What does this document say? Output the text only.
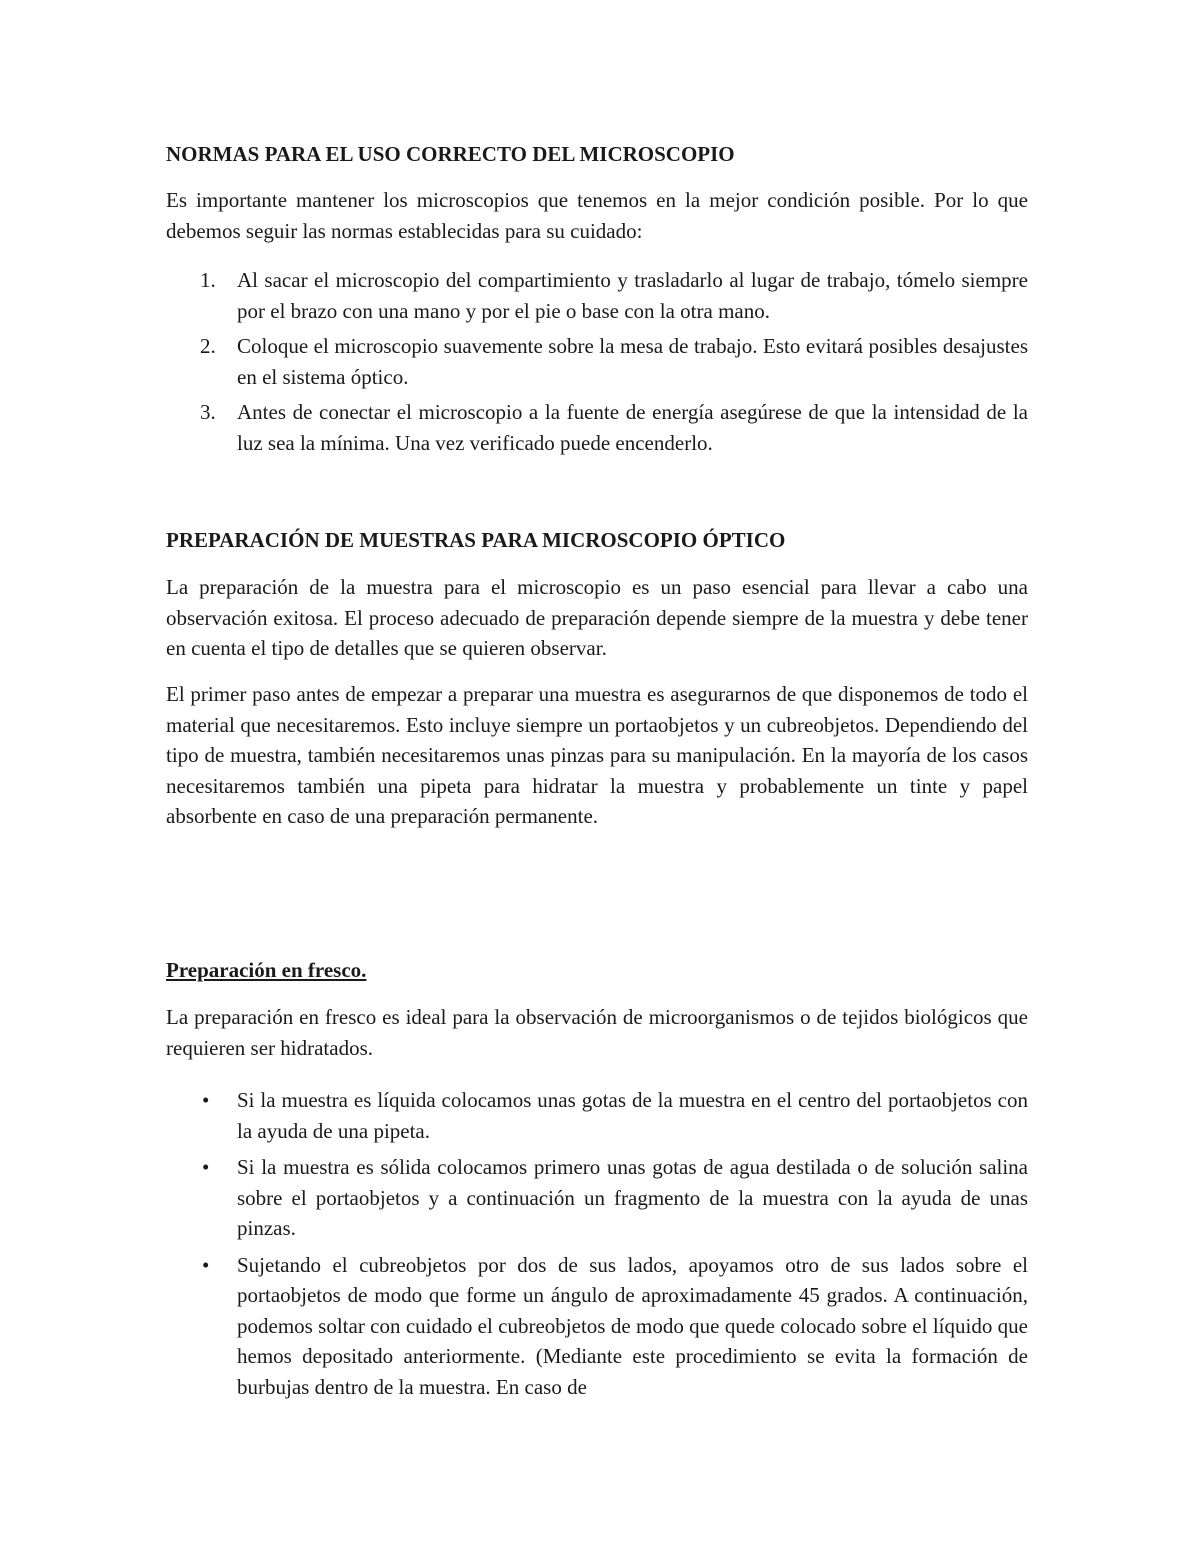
NORMAS PARA EL USO CORRECTO DEL MICROSCOPIO

Es importante mantener los microscopios que tenemos en la mejor condición posible. Por lo que debemos seguir las normas establecidas para su cuidado:

1. Al sacar el microscopio del compartimiento y trasladarlo al lugar de trabajo, tómelo siempre por el brazo con una mano y por el pie o base con la otra mano.
2. Coloque el microscopio suavemente sobre la mesa de trabajo. Esto evitará posibles desajustes en el sistema óptico.
3. Antes de conectar el microscopio a la fuente de energía asegúrese de que la intensidad de la luz sea la mínima. Una vez verificado puede encenderlo.
PREPARACIÓN DE MUESTRAS PARA MICROSCOPIO ÓPTICO

La preparación de la muestra para el microscopio es un paso esencial para llevar a cabo una observación exitosa. El proceso adecuado de preparación depende siempre de la muestra y debe tener en cuenta el tipo de detalles que se quieren observar.

El primer paso antes de empezar a preparar una muestra es asegurarnos de que disponemos de todo el material que necesitaremos. Esto incluye siempre un portaobjetos y un cubreobjetos. Dependiendo del tipo de muestra, también necesitaremos unas pinzas para su manipulación. En la mayoría de los casos necesitaremos también una pipeta para hidratar la muestra y probablemente un tinte y papel absorbente en caso de una preparación permanente.

Preparación en fresco.

La preparación en fresco es ideal para la observación de microorganismos o de tejidos biológicos que requieren ser hidratados.

• Si la muestra es líquida colocamos unas gotas de la muestra en el centro del portaobjetos con la ayuda de una pipeta.
• Si la muestra es sólida colocamos primero unas gotas de agua destilada o de solución salina sobre el portaobjetos y a continuación un fragmento de la muestra con la ayuda de unas pinzas.
• Sujetando el cubreobjetos por dos de sus lados, apoyamos otro de sus lados sobre el portaobjetos de modo que forme un ángulo de aproximadamente 45 grados. A continuación, podemos soltar con cuidado el cubreobjetos de modo que quede colocado sobre el líquido que hemos depositado anteriormente. (Mediante este procedimiento se evita la formación de burbujas dentro de la muestra. En caso de
